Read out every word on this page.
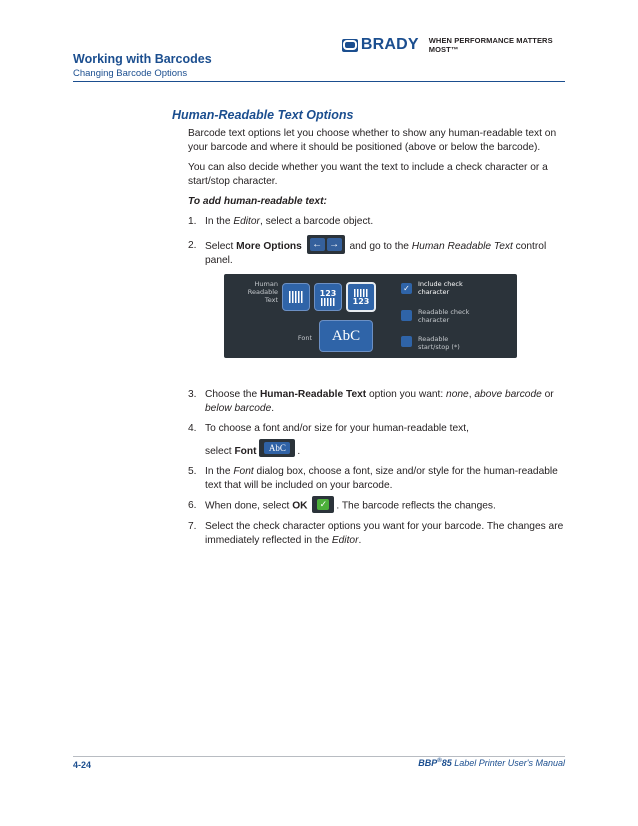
Working with Barcodes
Changing Barcode Options
BRADY WHEN PERFORMANCE MATTERS MOST™
Human-Readable Text Options

Barcode text options let you choose whether to show any human-readable text on your barcode and where it should be positioned (above or below the barcode).

You can also decide whether you want the text to include a check character or a start/stop character.

To add human-readable text:

1. In the Editor, select a barcode object.
2. Select More Options ← → and go to the Human Readable Text control panel.
3. Choose the Human-Readable Text option you want: none, above barcode or below barcode.
4. To choose a font and/or size for your human-readable text,
select Font	AbC	.
5. In the Font dialog box, choose a font, size and/or style for the human-readable text that will be included on your barcode.
6. When done, select OK ✓ . The barcode reflects the changes.
7. Select the check character options you want for your barcode. The changes are immediately reflected in the Editor.
Human
Readable
Text
123
123
Font	AbC
✓	Include check
character
Readable check
character
Readable
start/stop (*)
4-24	BBP®85 Label Printer User's Manual
